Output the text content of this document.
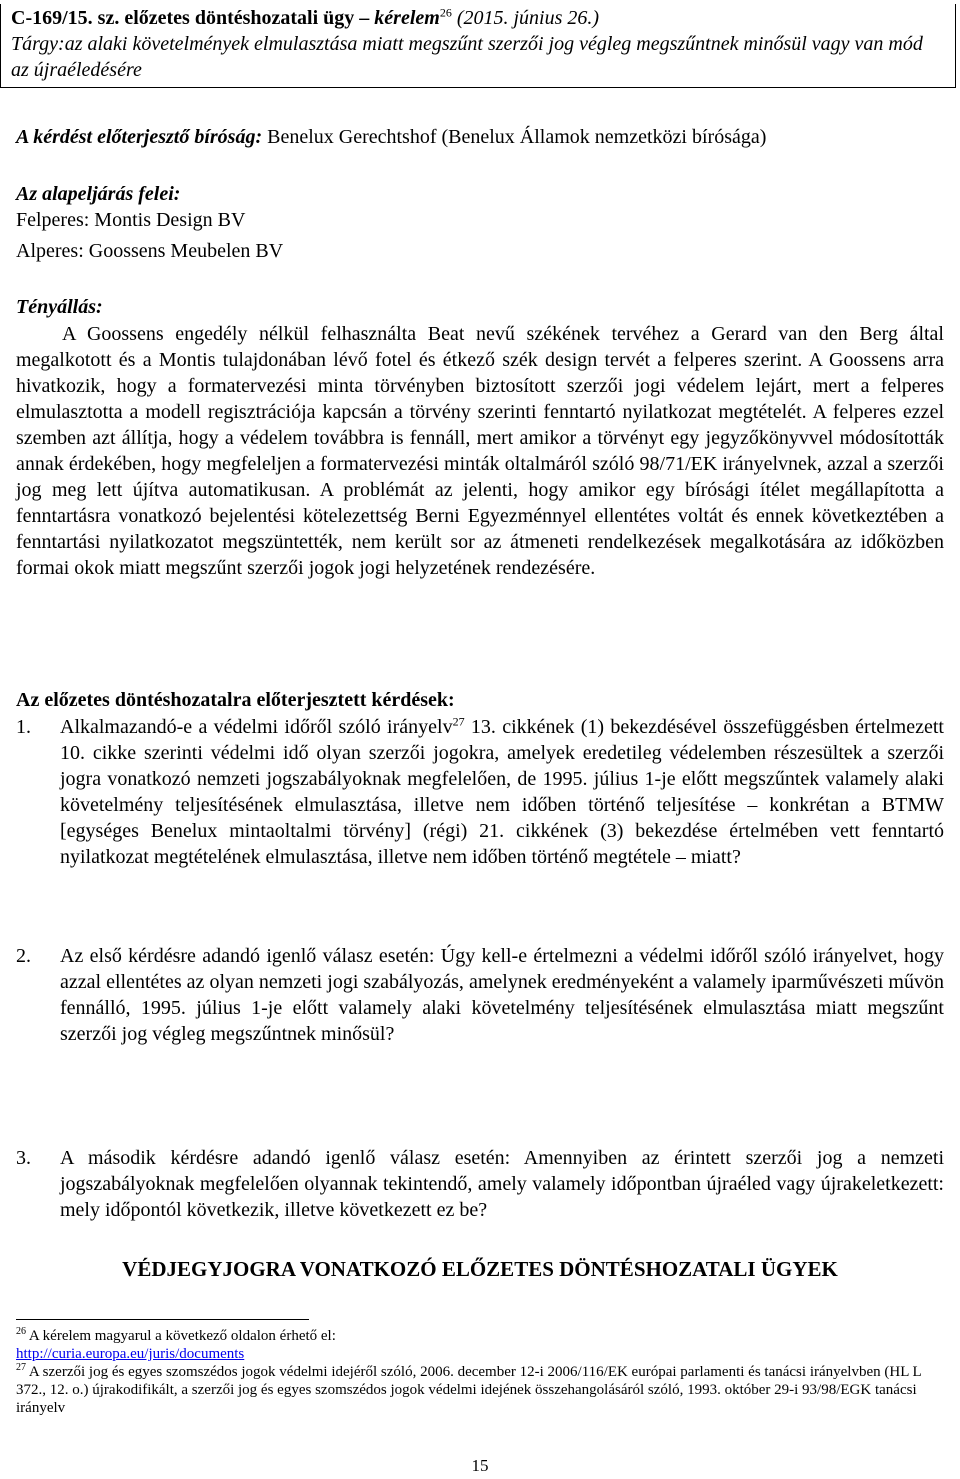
C-169/15. sz. előzetes döntéshozatali ügy – kérelem$^{26}$ (2015. június 26.)
Tárgy:az alaki követelmények elmulasztása miatt megszűnt szerzői jog végleg megszűntnek minősül vagy van mód az újraéledésére
A kérdést előterjesztő bíróság: Benelux Gerechtshof (Benelux Államok nemzetközi bírósága)
Az alapeljárás felei:
Felperes: Montis Design BV
Alperes: Goossens Meubelen BV
Tényállás:
A Goossens engedély nélkül felhasználta Beat nevű székének tervéhez a Gerard van den Berg által megalkotott és a Montis tulajdonában lévő fotel és étkező szék design tervét a felperes szerint. A Goossens arra hivatkozik, hogy a formatervezési minta törvényben biztosított szerzői jogi védelem lejárt, mert a felperes elmulasztotta a modell regisztrációja kapcsán a törvény szerinti fenntartó nyilatkozat megtételét. A felperes ezzel szemben azt állítja, hogy a védelem továbbra is fennáll, mert amikor a törvényt egy jegyzőkönyvvel módosították annak érdekében, hogy megfeleljen a formatervezési minták oltalmáról szóló 98/71/EK irányelvnek, azzal a szerzői jog meg lett újítva automatikusan. A problémát az jelenti, hogy amikor egy bírósági ítélet megállapította a fenntartásra vonatkozó bejelentési kötelezettség Berni Egyezménnyel ellentétes voltát és ennek következtében a fenntartási nyilatkozatot megszüntették, nem került sor az átmeneti rendelkezések megalkotására az időközben formai okok miatt megszűnt szerzői jogok jogi helyzetének rendezésére.
Az előzetes döntéshozatalra előterjesztett kérdések:
1.	Alkalmazandó-e a védelmi időről szóló irányelv$^{27}$ 13. cikkének (1) bekezdésével összefüggésben értelmezett 10. cikke szerinti védelmi idő olyan szerzői jogokra, amelyek eredetileg védelemben részesültek a szerzői jogra vonatkozó nemzeti jogszabályoknak megfelelően, de 1995. július 1-je előtt megszűntek valamely alaki követelmény teljesítésének elmulasztása, illetve nem időben történő teljesítése – konkrétan a BTMW [egységes Benelux mintaoltalmi törvény] (régi) 21. cikkének (3) bekezdése értelmében vett fenntartó nyilatkozat megtételének elmulasztása, illetve nem időben történő megtétele – miatt?
2.	Az első kérdésre adandó igenlő válasz esetén: Úgy kell-e értelmezni a védelmi időről szóló irányelvet, hogy azzal ellentétes az olyan nemzeti jogi szabályozás, amelynek eredményeként a valamely iparművészeti művön fennálló, 1995. július 1-je előtt valamely alaki követelmény teljesítésének elmulasztása miatt megszűnt szerzői jog végleg megszűntnek minősül?
3.	A második kérdésre adandó igenlő válasz esetén: Amennyiben az érintett szerzői jog a nemzeti jogszabályoknak megfelelően olyannak tekintendő, amely valamely időpontban újraéled vagy újrakeletkezett: mely időpontól következik, illetve következett ez be?
VÉDJEGYJOGRA VONATKOZÓ ELŐZETES DÖNTÉSHOZATALI ÜGYEK
$^{26}$ A kérelem magyarul a következő oldalon érhető el:
http://curia.europa.eu/juris/documents
$^{27}$ A szerzői jog és egyes szomszédos jogok védelmi idejéről szóló, 2006. december 12-i 2006/116/EK európai parlamenti és tanácsi irányelvben (HL L 372., 12. o.) újrakodifikált, a szerzői jog és egyes szomszédos jogok védelmi idejének összehangolásáról szóló, 1993. október 29-i 93/98/EGK tanácsi irányelv
15
